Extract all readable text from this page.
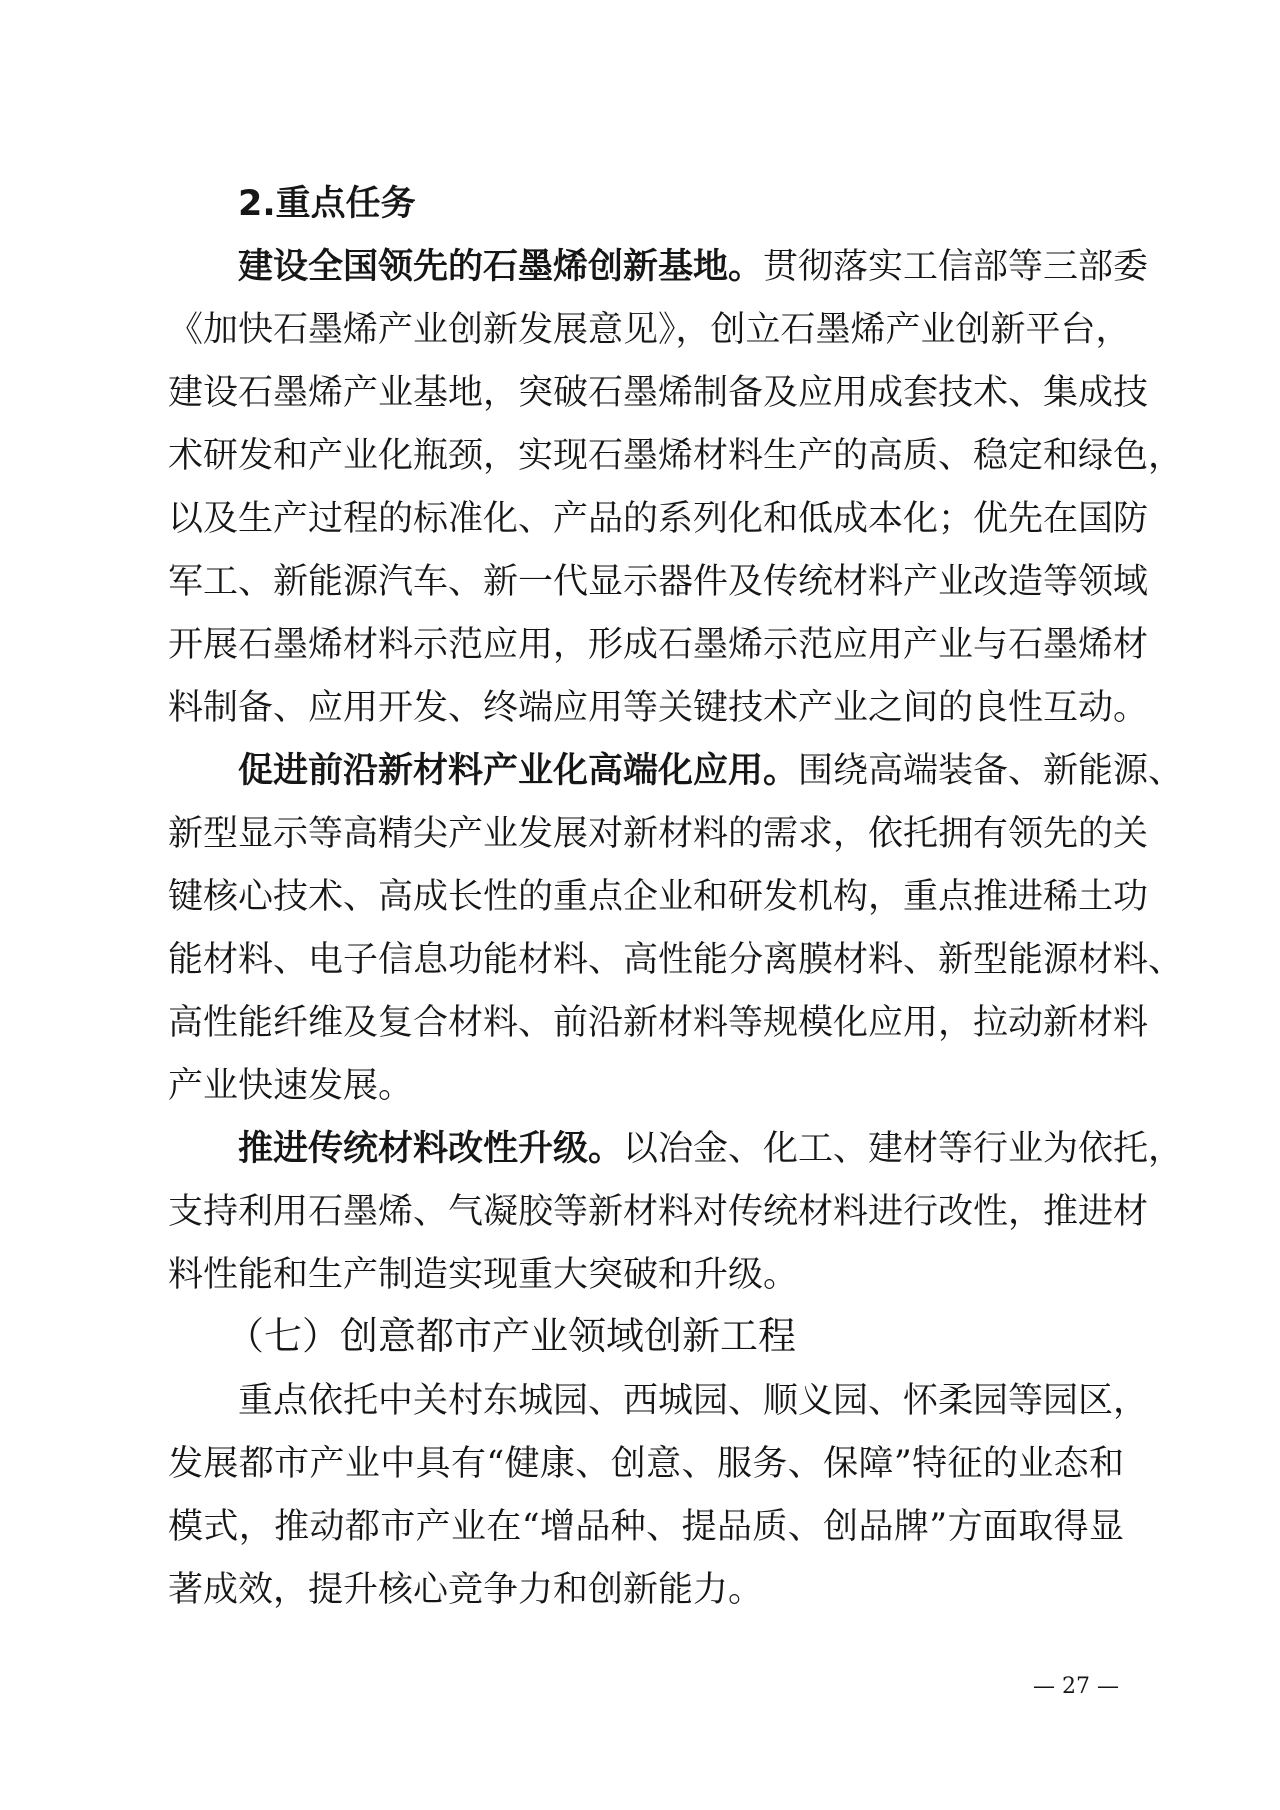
2.重点任务
建设全国领先的石墨烯创新基地。贯彻落实工信部等三部委
《加快石墨烯产业创新发展意见》，创立石墨烯产业创新平台，
建设石墨烯产业基地，突破石墨烯制备及应用成套技术、集成技
术研发和产业化瓶颈，实现石墨烯材料生产的高质、稳定和绿色，
以及生产过程的标准化、产品的系列化和低成本化；优先在国防
军工、新能源汽车、新一代显示器件及传统材料产业改造等领域
开展石墨烯材料示范应用，形成石墨烯示范应用产业与石墨烯材
料制备、应用开发、终端应用等关键技术产业之间的良性互动。
促进前沿新材料产业化高端化应用。围绕高端装备、新能源、
新型显示等高精尖产业发展对新材料的需求，依托拥有领先的关
键核心技术、高成长性的重点企业和研发机构，重点推进稀土功
能材料、电子信息功能材料、高性能分离膜材料、新型能源材料、
高性能纤维及复合材料、前沿新材料等规模化应用，拉动新材料
产业快速发展。
推进传统材料改性升级。以冶金、化工、建材等行业为依托，
支持利用石墨烯、气凝胶等新材料对传统材料进行改性，推进材
料性能和生产制造实现重大突破和升级。
（七）创意都市产业领域创新工程
重点依托中关村东城园、西城园、顺义园、怀柔园等园区，
发展都市产业中具有“健康、创意、服务、保障”特征的业态和
模式，推动都市产业在“增品种、提品质、创品牌”方面取得显
著成效，提升核心竞争力和创新能力。
— 27 —
